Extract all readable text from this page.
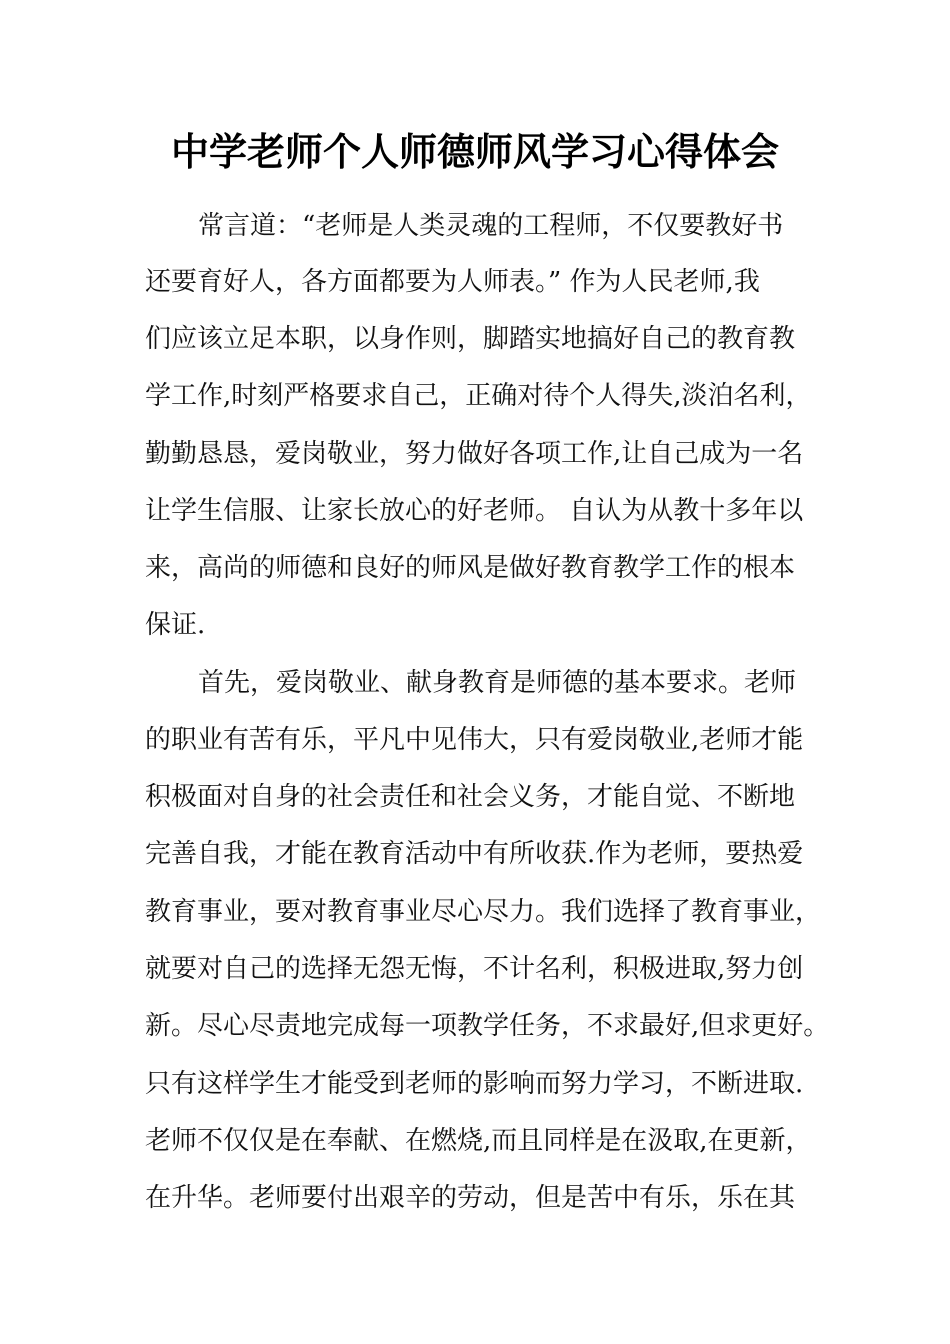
中学老师个人师德师风学习心得体会
常言道：“老师是人类灵魂的工程师，不仅要教好书
还要育好人，各方面都要为人师表。” 作为人民老师,我
们应该立足本职，以身作则，脚踏实地搞好自己的教育教
学工作,时刻严格要求自己，正确对待个人得失,淡泊名利，
勤勤恳恳，爱岗敬业，努力做好各项工作,让自己成为一名
让学生信服、让家长放心的好老师。 自认为从教十多年以
来，高尚的师德和良好的师风是做好教育教学工作的根本
保证.
首先，爱岗敬业、献身教育是师德的基本要求。老师
的职业有苦有乐，平凡中见伟大，只有爱岗敬业,老师才能
积极面对自身的社会责任和社会义务，才能自觉、不断地
完善自我，才能在教育活动中有所收获.作为老师，要热爱
教育事业，要对教育事业尽心尽力。我们选择了教育事业，
就要对自己的选择无怨无悔，不计名利，积极进取,努力创
新。尽心尽责地完成每一项教学任务，不求最好,但求更好。
只有这样学生才能受到老师的影响而努力学习，不断进取.
老师不仅仅是在奉献、在燃烧,而且同样是在汲取,在更新，
在升华。老师要付出艰辛的劳动，但是苦中有乐，乐在其
